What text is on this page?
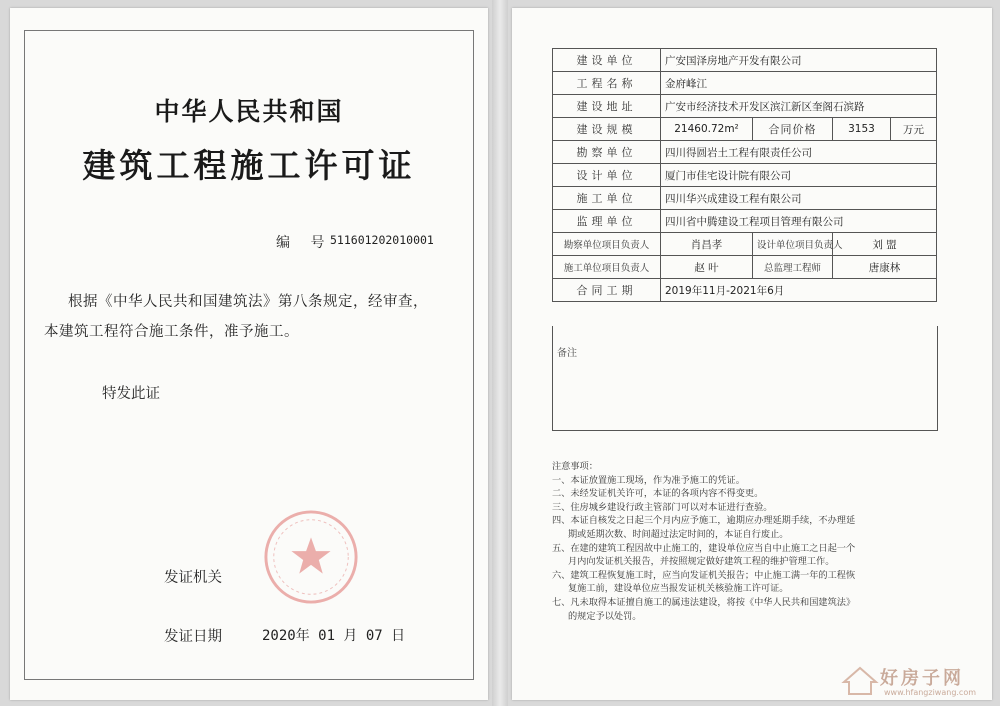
中华人民共和国
建筑工程施工许可证
编 号
511601202010001
根据《中华人民共和国建筑法》第八条规定，经审查，
本建筑工程符合施工条件，准予施工。
特发此证
发证机关
发证日期	2020年 01 月 07 日
建设单位	广安国泽房地产开发有限公司			
工程名称	金府峰江			
建设地址	广安市经济技术开发区滨江新区奎阁石滨路			
建设规模	21460.72m²	合同价格	3153	万元
勘察单位	四川得圆岩土工程有限责任公司			
设计单位	厦门市佳宅设计院有限公司			
施工单位	四川华兴成建设工程有限公司			
监理单位	四川省中腾建设工程项目管理有限公司			
勘察单位项目负责人	肖昌孝	设计单位项目负责人	刘 盟	
施工单位项目负责人	赵 叶	总监理工程师	唐康林	
合同工期	2019年11月-2021年6月			
备注
注意事项：
一、本证放置施工现场，作为准予施工的凭证。
二、未经发证机关许可，本证的各项内容不得变更。
三、住房城乡建设行政主管部门可以对本证进行查验。
四、本证自核发之日起三个月内应予施工，逾期应办理延期手续，不办理延
期或延期次数、时间超过法定时间的，本证自行废止。
五、在建的建筑工程因故中止施工的，建设单位应当自中止施工之日起一个
月内向发证机关报告，并按照规定做好建筑工程的维护管理工作。
六、建筑工程恢复施工时，应当向发证机关报告；中止施工满一年的工程恢
复施工前，建设单位应当报发证机关核验施工许可证。
七、凡未取得本证擅自施工的属违法建设，将按《中华人民共和国建筑法》
的规定予以处罚。
好房子网
www.hfangziwang.com
